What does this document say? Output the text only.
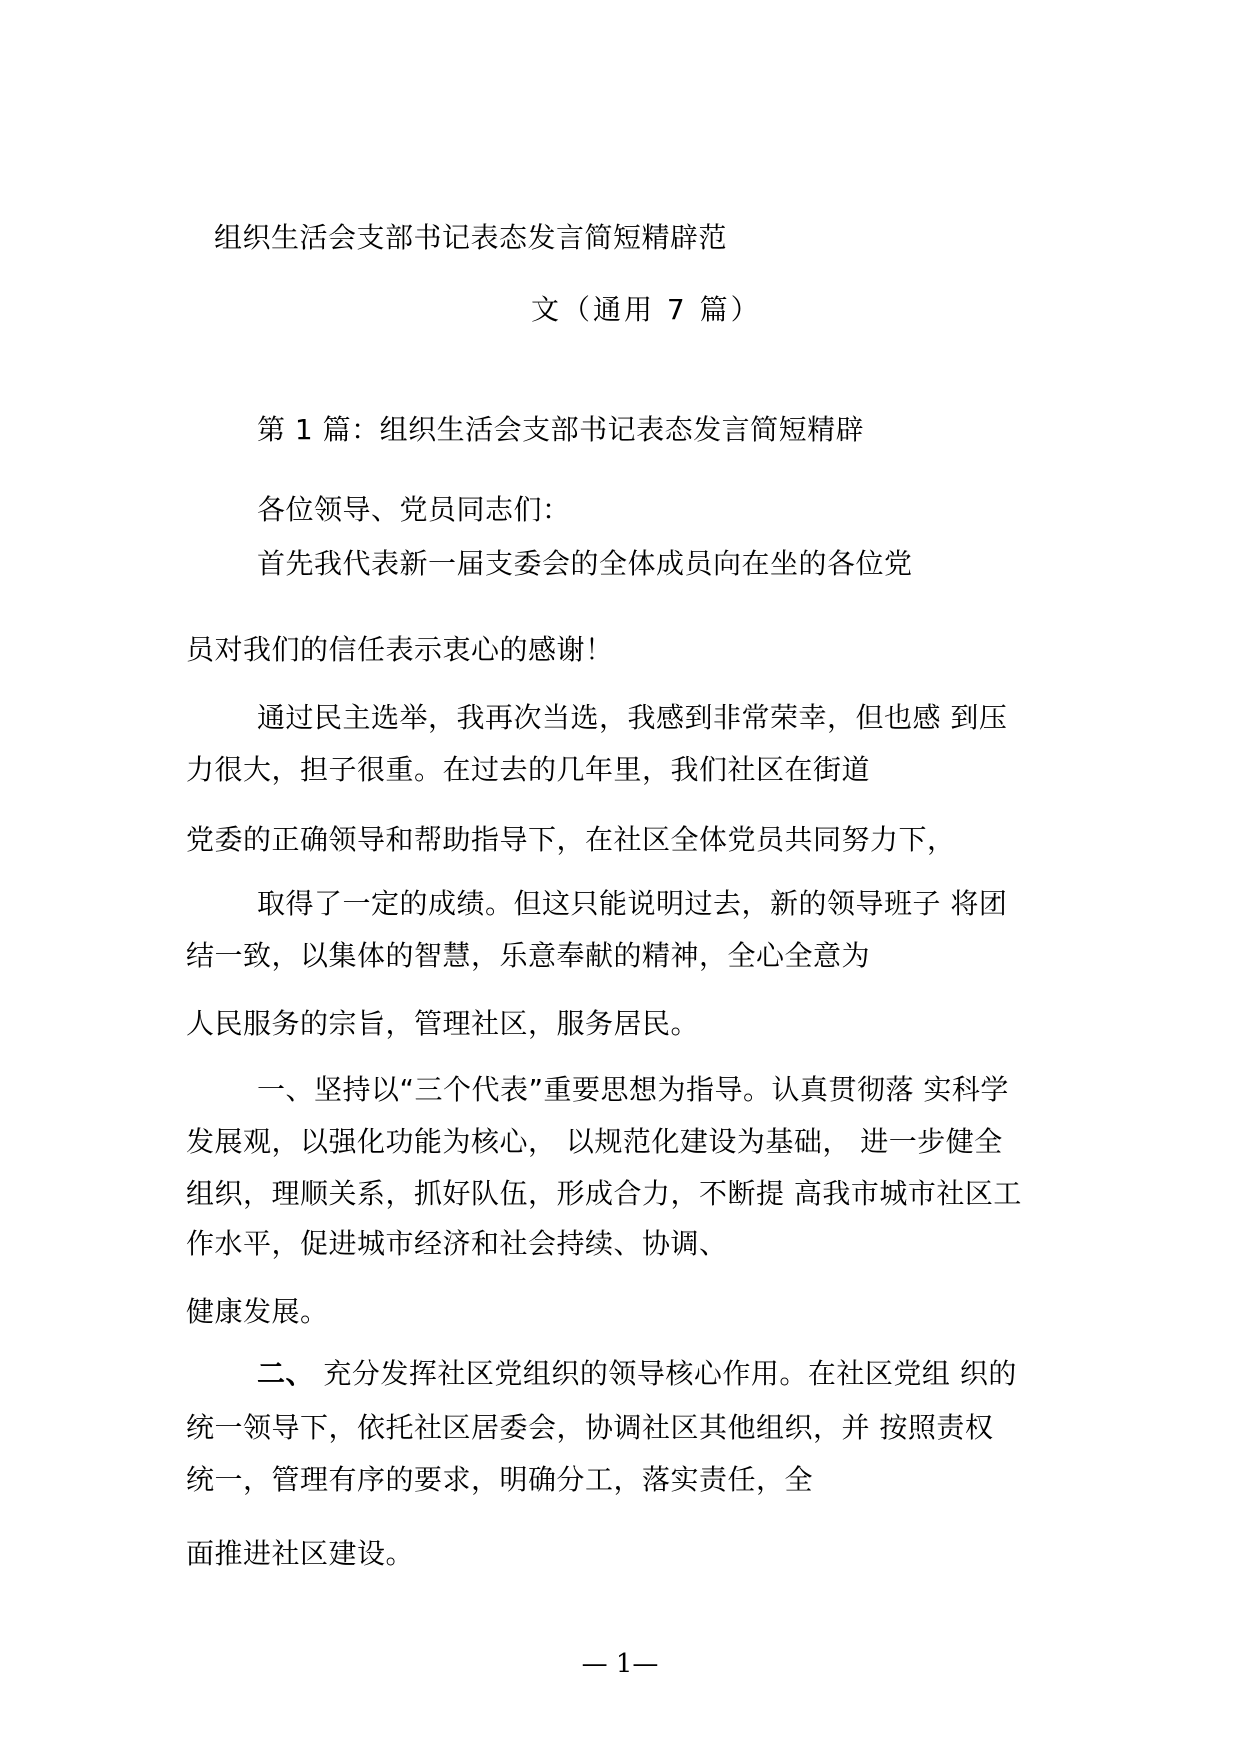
组织生活会支部书记表态发言简短精辟范
文（通用 7 篇）
第 1 篇：组织生活会支部书记表态发言简短精辟
各位领导、党员同志们：
首先我代表新一届支委会的全体成员向在坐的各位党
员对我们的信任表示衷心的感谢！
通过民主选举，我再次当选，我感到非常荣幸，但也感 到压
力很大，担子很重。在过去的几年里，我们社区在街道
党委的正确领导和帮助指导下，在社区全体党员共同努力下，
取得了一定的成绩。但这只能说明过去，新的领导班子 将团
结一致，以集体的智慧，乐意奉献的精神，全心全意为
人民服务的宗旨，管理社区，服务居民。
一、坚持以“三个代表”重要思想为指导。认真贯彻落 实科学
发展观，以强化功能为核心， 以规范化建设为基础， 进一步健全
组织，理顺关系，抓好队伍，形成合力，不断提 高我市城市社区工
作水平，促进城市经济和社会持续、协调、
健康发展。
二、 充分发挥社区党组织的领导核心作用。在社区党组 织的
统一领导下，依托社区居委会，协调社区其他组织，并 按照责权
统一，管理有序的要求，明确分工，落实责任，全
面推进社区建设。
— 1—
